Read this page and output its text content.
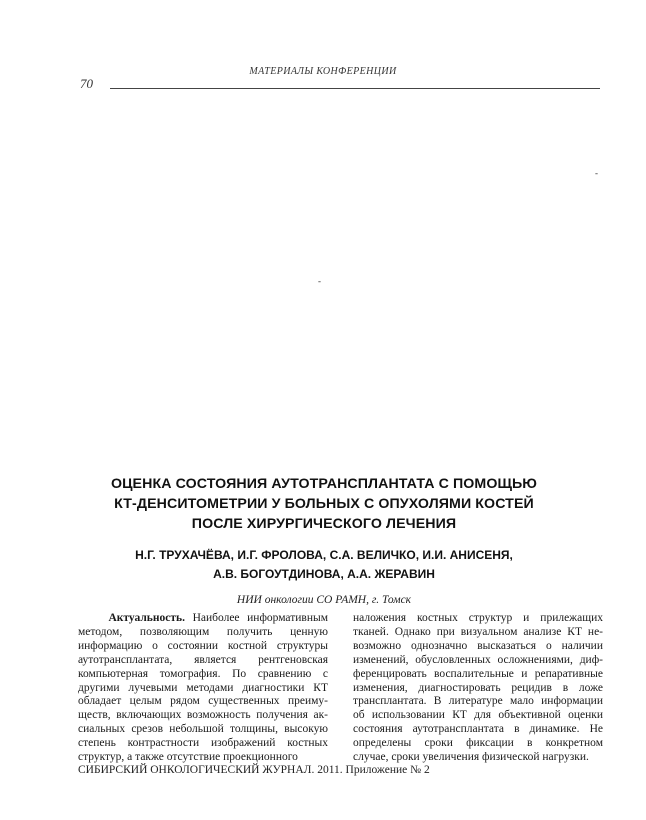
МАТЕРИАЛЫ КОНФЕРЕНЦИИ
70
-
-
ОЦЕНКА СОСТОЯНИЯ АУТОТРАНСПЛАНТАТА С ПОМОЩЬЮ
КТ-ДЕНСИТОМЕТРИИ У БОЛЬНЫХ С ОПУХОЛЯМИ КОСТЕЙ
ПОСЛЕ ХИРУРГИЧЕСКОГО ЛЕЧЕНИЯ
Н.Г. ТРУХАЧЁВА, И.Г. ФРОЛОВА, С.А. ВЕЛИЧКО, И.И. АНИСЕНЯ,
А.В. БОГОУТДИНОВА, А.А. ЖЕРАВИН
НИИ онкологии СО РАМН, г. Томск
Актуальность. Наиболее информативным
методом, позволяющим получить ценную
информацию о состоянии костной структуры
аутотрансплантата, является рентгеновская
компьютерная томография. По сравнению с
другими лучевыми методами диагностики КТ
обладает целым рядом существенных преиму-
ществ, включающих возможность получения ак-
сиальных срезов небольшой толщины, высокую
степень контрастности изображений костных
структур, а также отсутствие проекционного
наложения костных структур и прилежащих
тканей. Однако при визуальном анализе КТ не-
возможно однозначно высказаться о наличии
изменений, обусловленных осложнениями, диф-
ференцировать воспалительные и репаративные
изменения, диагностировать рецидив в ложе
трансплантата. В литературе мало информации
об использовании КТ для объективной оценки
состояния аутотрансплантата в динамике. Не
определены сроки фиксации в конкретном
случае, сроки увеличения физической нагрузки.
СИБИРСКИЙ ОНКОЛОГИЧЕСКИЙ ЖУРНАЛ. 2011. Приложение № 2
